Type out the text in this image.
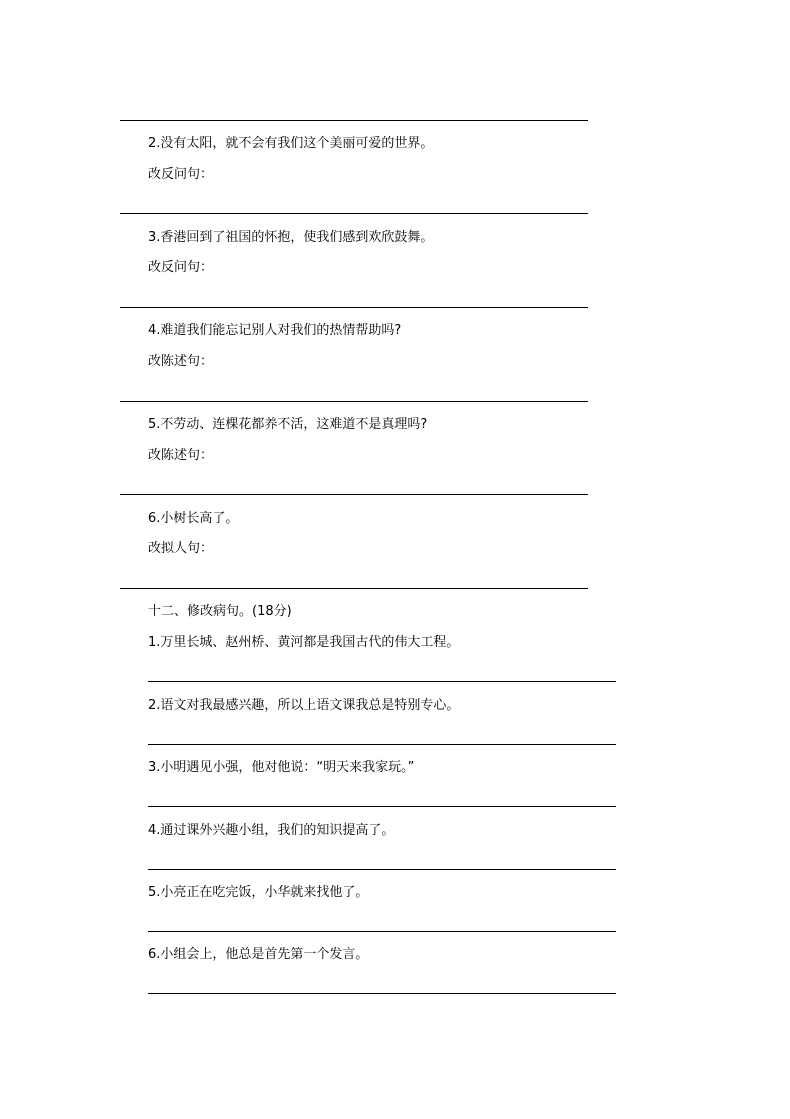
2.没有太阳，就不会有我们这个美丽可爱的世界。
改反问句：
3.香港回到了祖国的怀抱，使我们感到欢欣鼓舞。
改反问句：
4.难道我们能忘记别人对我们的热情帮助吗?
改陈述句：
5.不劳动、连棵花都养不活，这难道不是真理吗?
改陈述句：
6.小树长高了。
改拟人句：
十二、修改病句。(18分)
1.万里长城、赵州桥、黄河都是我国古代的伟大工程。
2.语文对我最感兴趣，所以上语文课我总是特别专心。
3.小明遇见小强，他对他说：“明天来我家玩。”
4.通过课外兴趣小组，我们的知识提高了。
5.小亮正在吃完饭，小华就来找他了。
6.小组会上，他总是首先第一个发言。
